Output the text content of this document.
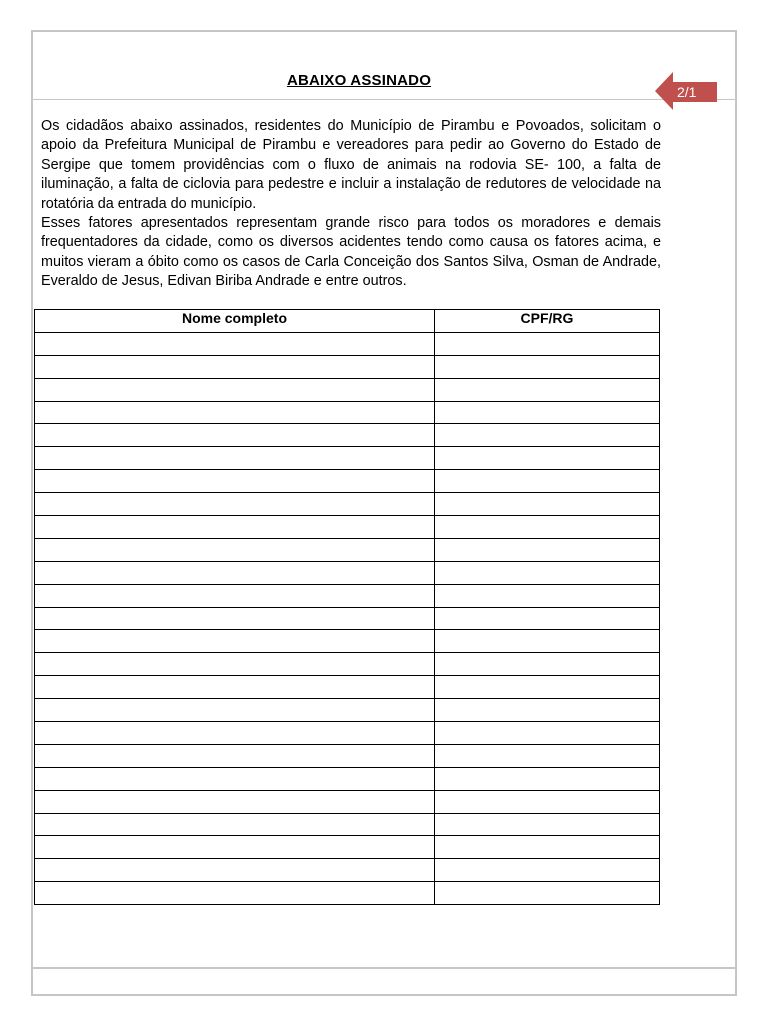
ABAIXO ASSINADO
2/1

Os cidadãos abaixo assinados, residentes do Município de Pirambu e Povoados, solicitam o apoio da Prefeitura Municipal de Pirambu e vereadores para pedir ao Governo do Estado de Sergipe que tomem providências com o fluxo de animais na rodovia SE- 100, a falta de iluminação, a falta de ciclovia para pedestre e incluir a instalação de redutores de velocidade na rotatória da entrada do município.

Esses fatores apresentados representam grande risco para todos os moradores e demais frequentadores da cidade, como os diversos acidentes tendo como causa os fatores acima, e muitos vieram a óbito como os casos de Carla Conceição dos Santos Silva, Osman de Andrade, Everaldo de Jesus, Edivan Biriba Andrade e entre outros.

Nome completo	CPF/RG
